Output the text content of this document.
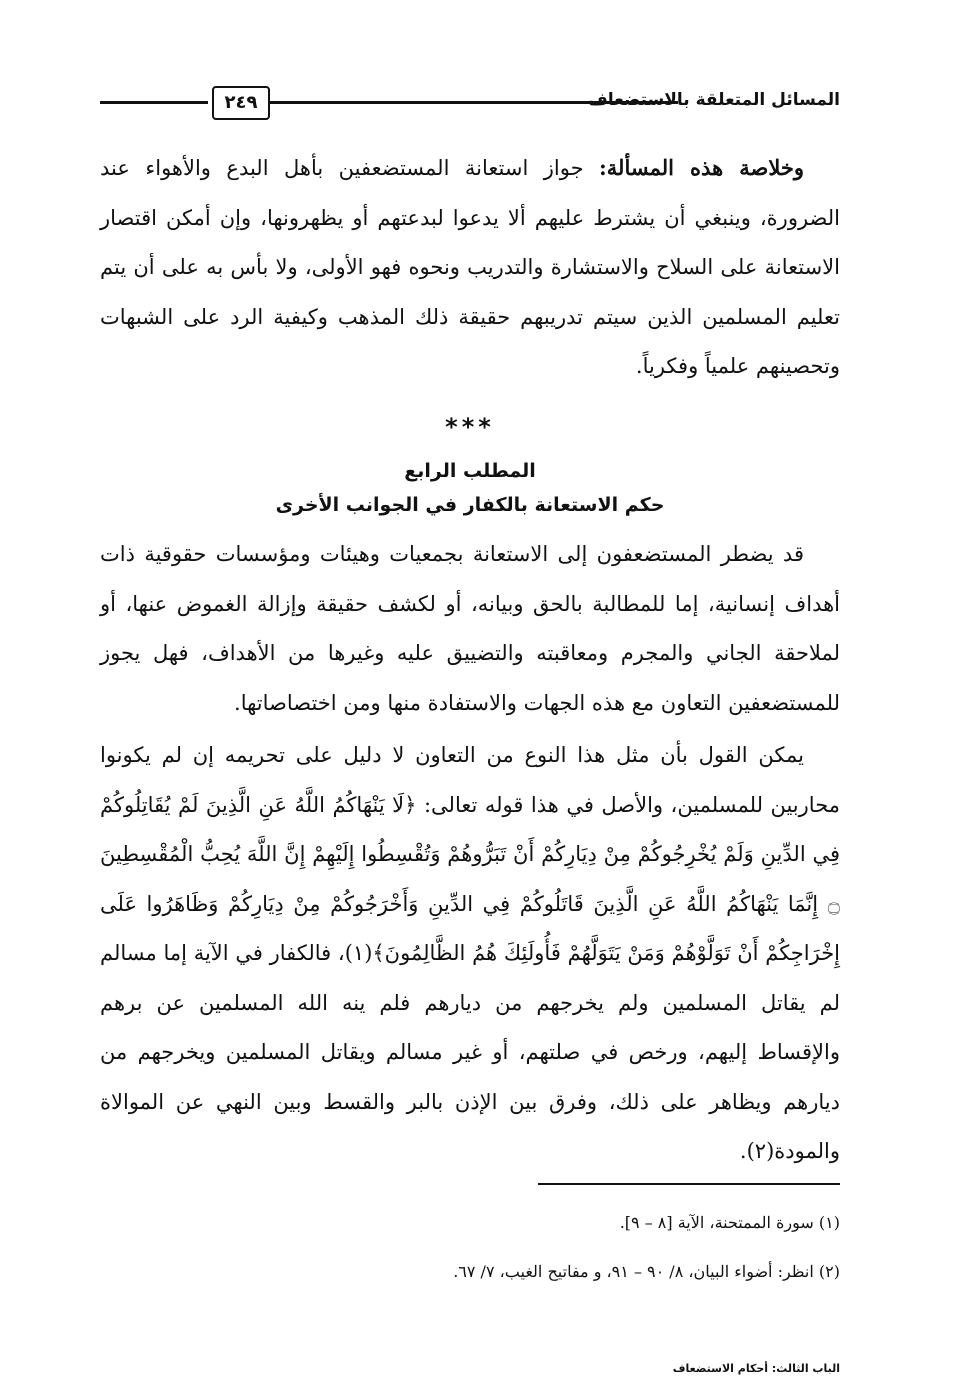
٢٤٩	المسائل المتعلقة بالاستضعاف

وخلاصة هذه المسألة: جواز استعانة المستضعفين بأهل البدع والأهواء عند الضرورة، وينبغي أن يشترط عليهم ألا يدعوا لبدعتهم أو يظهرونها، وإن أمكن اقتصار الاستعانة على السلاح والاستشارة والتدريب ونحوه فهو الأولى، ولا بأس به على أن يتم تعليم المسلمين الذين سيتم تدريبهم حقيقة ذلك المذهب وكيفية الرد على الشبهات وتحصينهم علمياً وفكرياً.

***
المطلب الرابع
حكم الاستعانة بالكفار في الجوانب الأخرى

قد يضطر المستضعفون إلى الاستعانة بجمعيات وهيئات ومؤسسات حقوقية ذات أهداف إنسانية، إما للمطالبة بالحق وبيانه، أو لكشف حقيقة وإزالة الغموض عنها، أو لملاحقة الجاني والمجرم ومعاقبته والتضييق عليه وغيرها من الأهداف، فهل يجوز للمستضعفين التعاون مع هذه الجهات والاستفادة منها ومن اختصاصاتها.

يمكن القول بأن مثل هذا النوع من التعاون لا دليل على تحريمه إن لم يكونوا محاربين للمسلمين، والأصل في هذا قوله تعالى: ﴿لَا يَنْهَاكُمُ اللَّهُ عَنِ الَّذِينَ لَمْ يُقَاتِلُوكُمْ فِي الدِّينِ وَلَمْ يُخْرِجُوكُمْ مِنْ دِيَارِكُمْ أَنْ تَبَرُّوهُمْ وَتُقْسِطُوا إِلَيْهِمْ إِنَّ اللَّهَ يُحِبُّ الْمُقْسِطِينَ ۝ إِنَّمَا يَنْهَاكُمُ اللَّهُ عَنِ الَّذِينَ قَاتَلُوكُمْ فِي الدِّينِ وَأَخْرَجُوكُمْ مِنْ دِيَارِكُمْ وَظَاهَرُوا عَلَى إِخْرَاجِكُمْ أَنْ تَوَلَّوْهُمْ وَمَنْ يَتَوَلَّهُمْ فَأُولَئِكَ هُمُ الظَّالِمُونَ﴾(١)، فالكفار في الآية إما مسالم لم يقاتل المسلمين ولم يخرجهم من ديارهم فلم ينه الله المسلمين عن برهم والإقساط إليهم، ورخص في صلتهم، أو غير مسالم ويقاتل المسلمين ويخرجهم من ديارهم ويظاهر على ذلك، وفرق بين الإذن بالبر والقسط وبين النهي عن الموالاة والمودة(٢).

(١) سورة الممتحنة، الآية [٨ – ٩].
(٢) انظر: أضواء البيان، ٨/ ٩٠ – ٩١، و مفاتيح الغيب، ٧/ ٦٧.
الباب الثالث: أحكام الاستضعاف
